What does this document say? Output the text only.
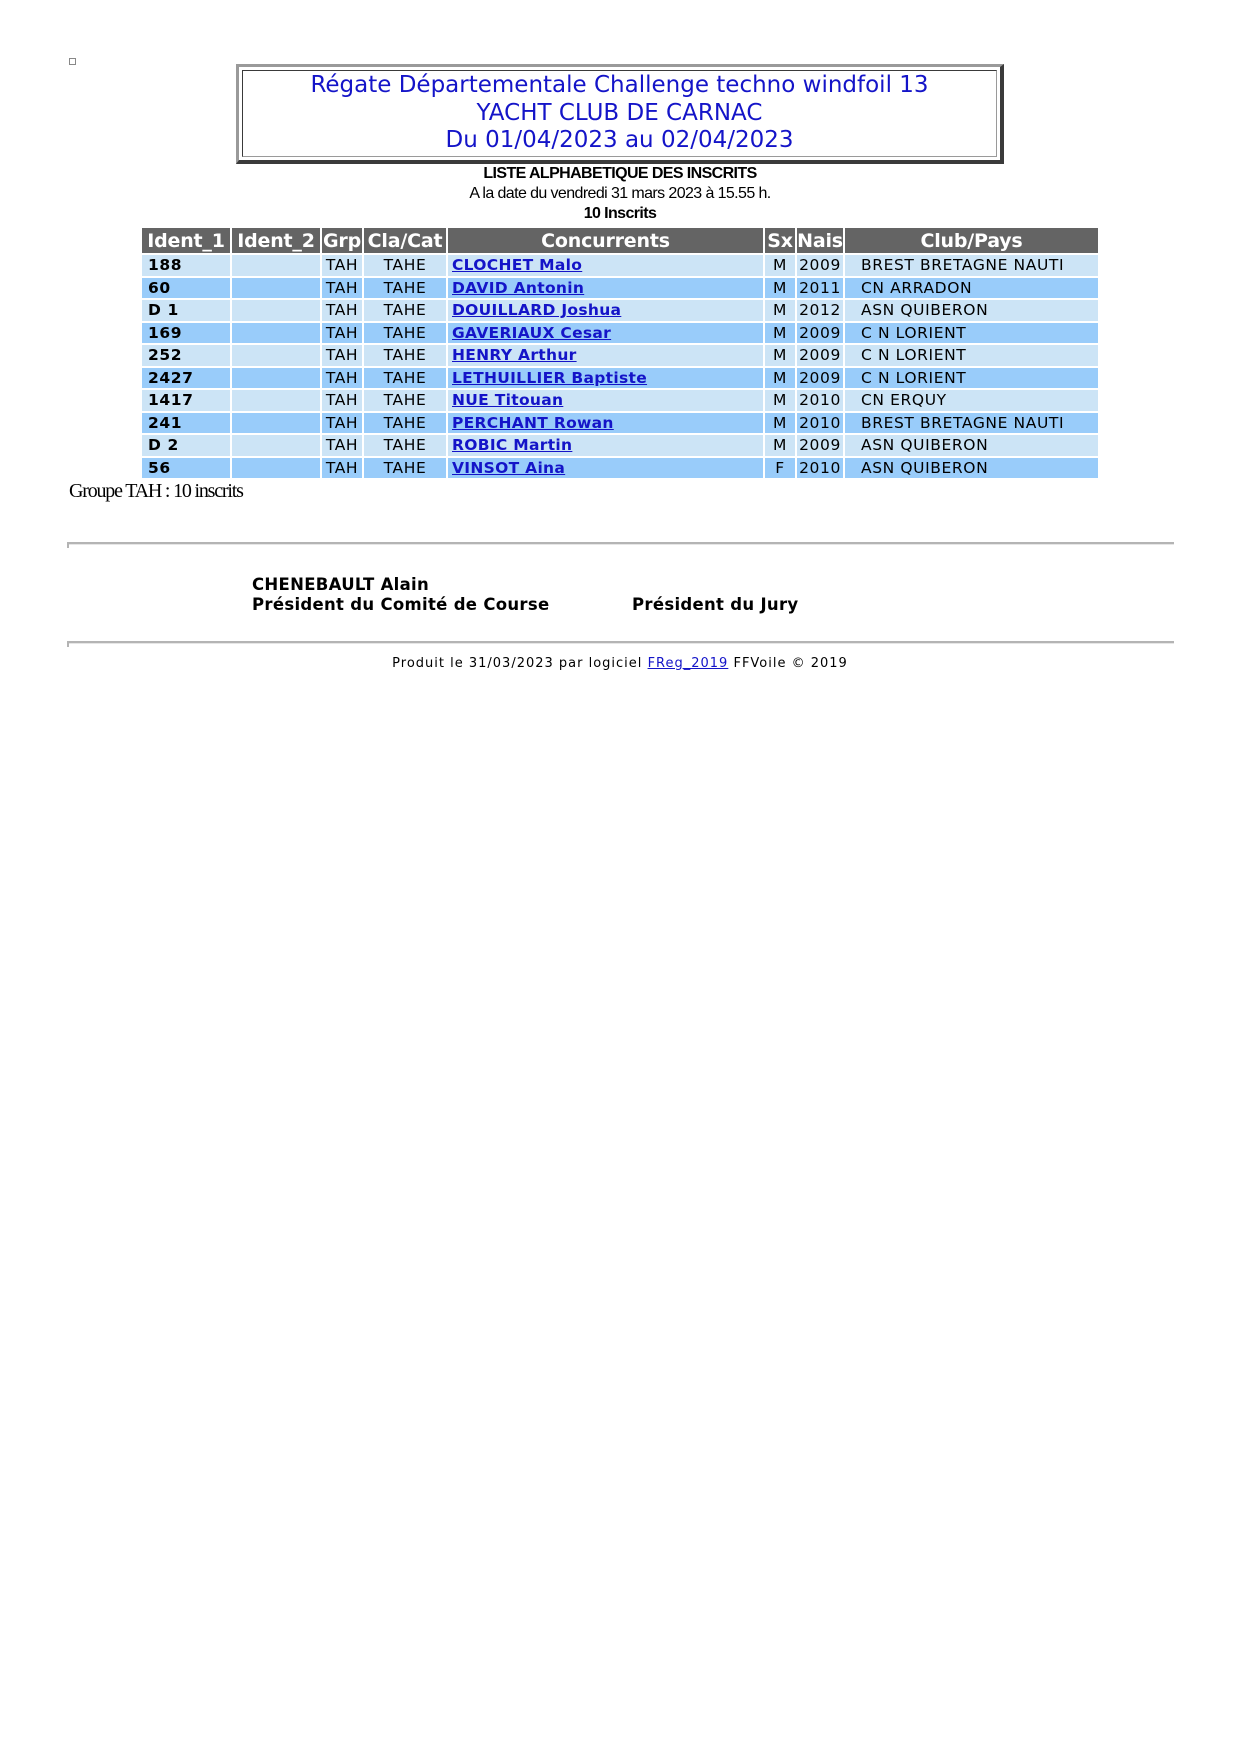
Régate Départementale Challenge techno windfoil 13
YACHT CLUB DE CARNAC
Du 01/04/2023 au 02/04/2023
LISTE ALPHABETIQUE DES INSCRITS
A la date du vendredi 31 mars 2023 à 15.55 h.
10 Inscrits
Ident_1	Ident_2	Grp	Cla/Cat	Concurrents	Sx	Nais	Club/Pays
188		TAH	TAHE	CLOCHET Malo	M	2009	BREST BRETAGNE NAUTI
60		TAH	TAHE	DAVID Antonin	M	2011	CN ARRADON
D 1		TAH	TAHE	DOUILLARD Joshua	M	2012	ASN QUIBERON
169		TAH	TAHE	GAVERIAUX Cesar	M	2009	C N LORIENT
252		TAH	TAHE	HENRY Arthur	M	2009	C N LORIENT
2427		TAH	TAHE	LETHUILLIER Baptiste	M	2009	C N LORIENT
1417		TAH	TAHE	NUE Titouan	M	2010	CN ERQUY
241		TAH	TAHE	PERCHANT Rowan	M	2010	BREST BRETAGNE NAUTI
D 2		TAH	TAHE	ROBIC Martin	M	2009	ASN QUIBERON
56		TAH	TAHE	VINSOT Aina	F	2010	ASN QUIBERON
Groupe TAH : 10 inscrits
CHENEBAULT Alain
Président du Comité de Course	Président du Jury
Produit le 31/03/2023 par logiciel FReg_2019 FFVoile © 2019
